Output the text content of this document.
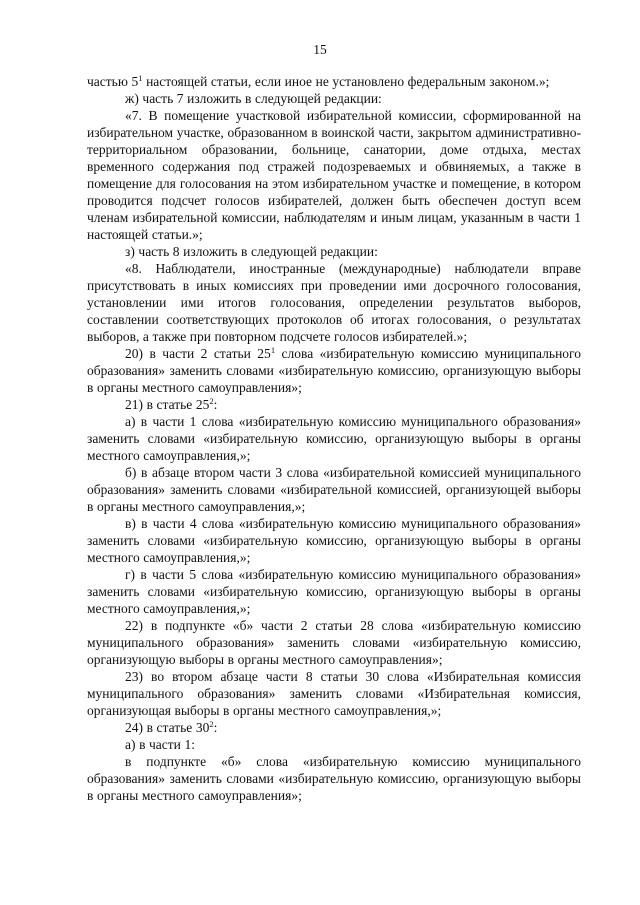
15

частью $5^1$ настоящей статьи, если иное не установлено федеральным законом.»;

ж) часть 7 изложить в следующей редакции:

«7. В помещение участковой избирательной комиссии, сформированной на избирательном участке, образованном в воинской части, закрытом административно-территориальном образовании, больнице, санатории, доме отдыха, местах временного содержания под стражей подозреваемых и обвиняемых, а также в помещение для голосования на этом избирательном участке и помещение, в котором проводится подсчет голосов избирателей, должен быть обеспечен доступ всем членам избирательной комиссии, наблюдателям и иным лицам, указанным в части 1 настоящей статьи.»;

з) часть 8 изложить в следующей редакции:

«8. Наблюдатели, иностранные (международные) наблюдатели вправе присутствовать в иных комиссиях при проведении ими досрочного голосования, установлении ими итогов голосования, определении результатов выборов, составлении соответствующих протоколов об итогах голосования, о результатах выборов, а также при повторном подсчете голосов избирателей.»;

20) в части 2 статьи $25^1$ слова «избирательную комиссию муниципального образования» заменить словами «избирательную комиссию, организующую выборы в органы местного самоуправления»;

21) в статье $25^2$:

а) в части 1 слова «избирательную комиссию муниципального образования» заменить словами «избирательную комиссию, организующую выборы в органы местного самоуправления,»;

б) в абзаце втором части 3 слова «избирательной комиссией муниципального образования» заменить словами «избирательной комиссией, организующей выборы в органы местного самоуправления,»;

в) в части 4 слова «избирательную комиссию муниципального образования» заменить словами «избирательную комиссию, организующую выборы в органы местного самоуправления,»;

г) в части 5 слова «избирательную комиссию муниципального образования» заменить словами «избирательную комиссию, организующую выборы в органы местного самоуправления,»;

22) в подпункте «б» части 2 статьи 28 слова «избирательную комиссию муниципального образования» заменить словами «избирательную комиссию, организующую выборы в органы местного самоуправления»;

23) во втором абзаце части 8 статьи 30 слова «Избирательная комиссия муниципального образования» заменить словами «Избирательная комиссия, организующая выборы в органы местного самоуправления,»;

24) в статье $30^2$:

а) в части 1:

в подпункте «б» слова «избирательную комиссию муниципального образования» заменить словами «избирательную комиссию, организующую выборы в органы местного самоуправления»;
